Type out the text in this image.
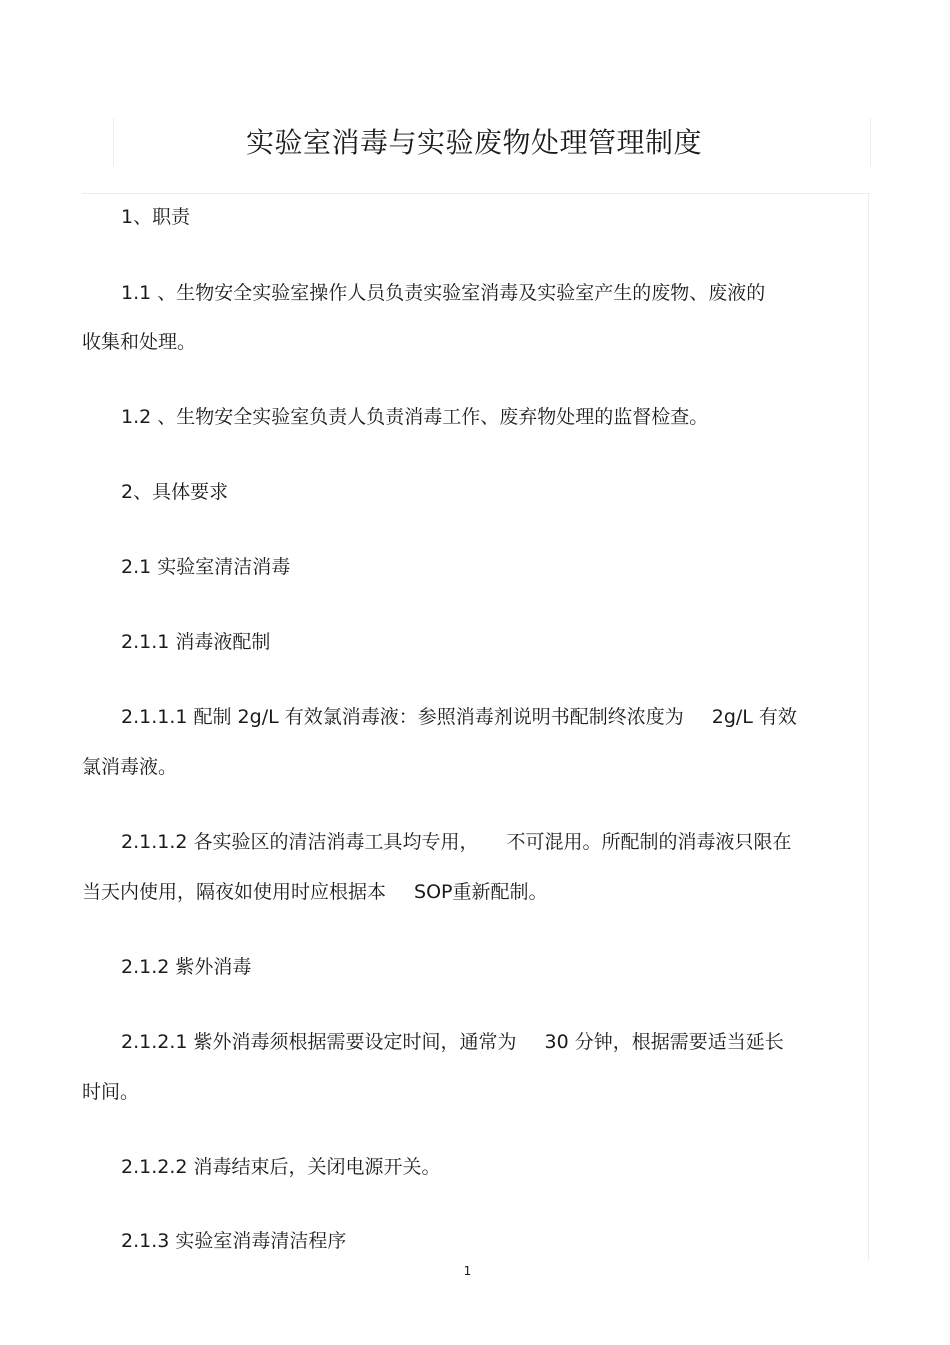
实验室消毒与实验废物处理管理制度
1、职责
1.1 、生物安全实验室操作人员负责实验室消毒及实验室产生的废物、废液的
收集和处理。
1.2 、生物安全实验室负责人负责消毒工作、废弃物处理的监督检查。
2、具体要求
2.1 实验室清洁消毒
2.1.1 消毒液配制
2.1.1.1 配制 2g/L 有效氯消毒液：参照消毒剂说明书配制终浓度为 2g/L 有效
氯消毒液。
2.1.1.2 各实验区的清洁消毒工具均专用， 不可混用。所配制的消毒液只限在
当天内使用，隔夜如使用时应根据本 SOP重新配制。
2.1.2 紫外消毒
2.1.2.1 紫外消毒须根据需要设定时间，通常为 30 分钟，根据需要适当延长
时间。
2.1.2.2 消毒结束后，关闭电源开关。
2.1.3 实验室消毒清洁程序
1
